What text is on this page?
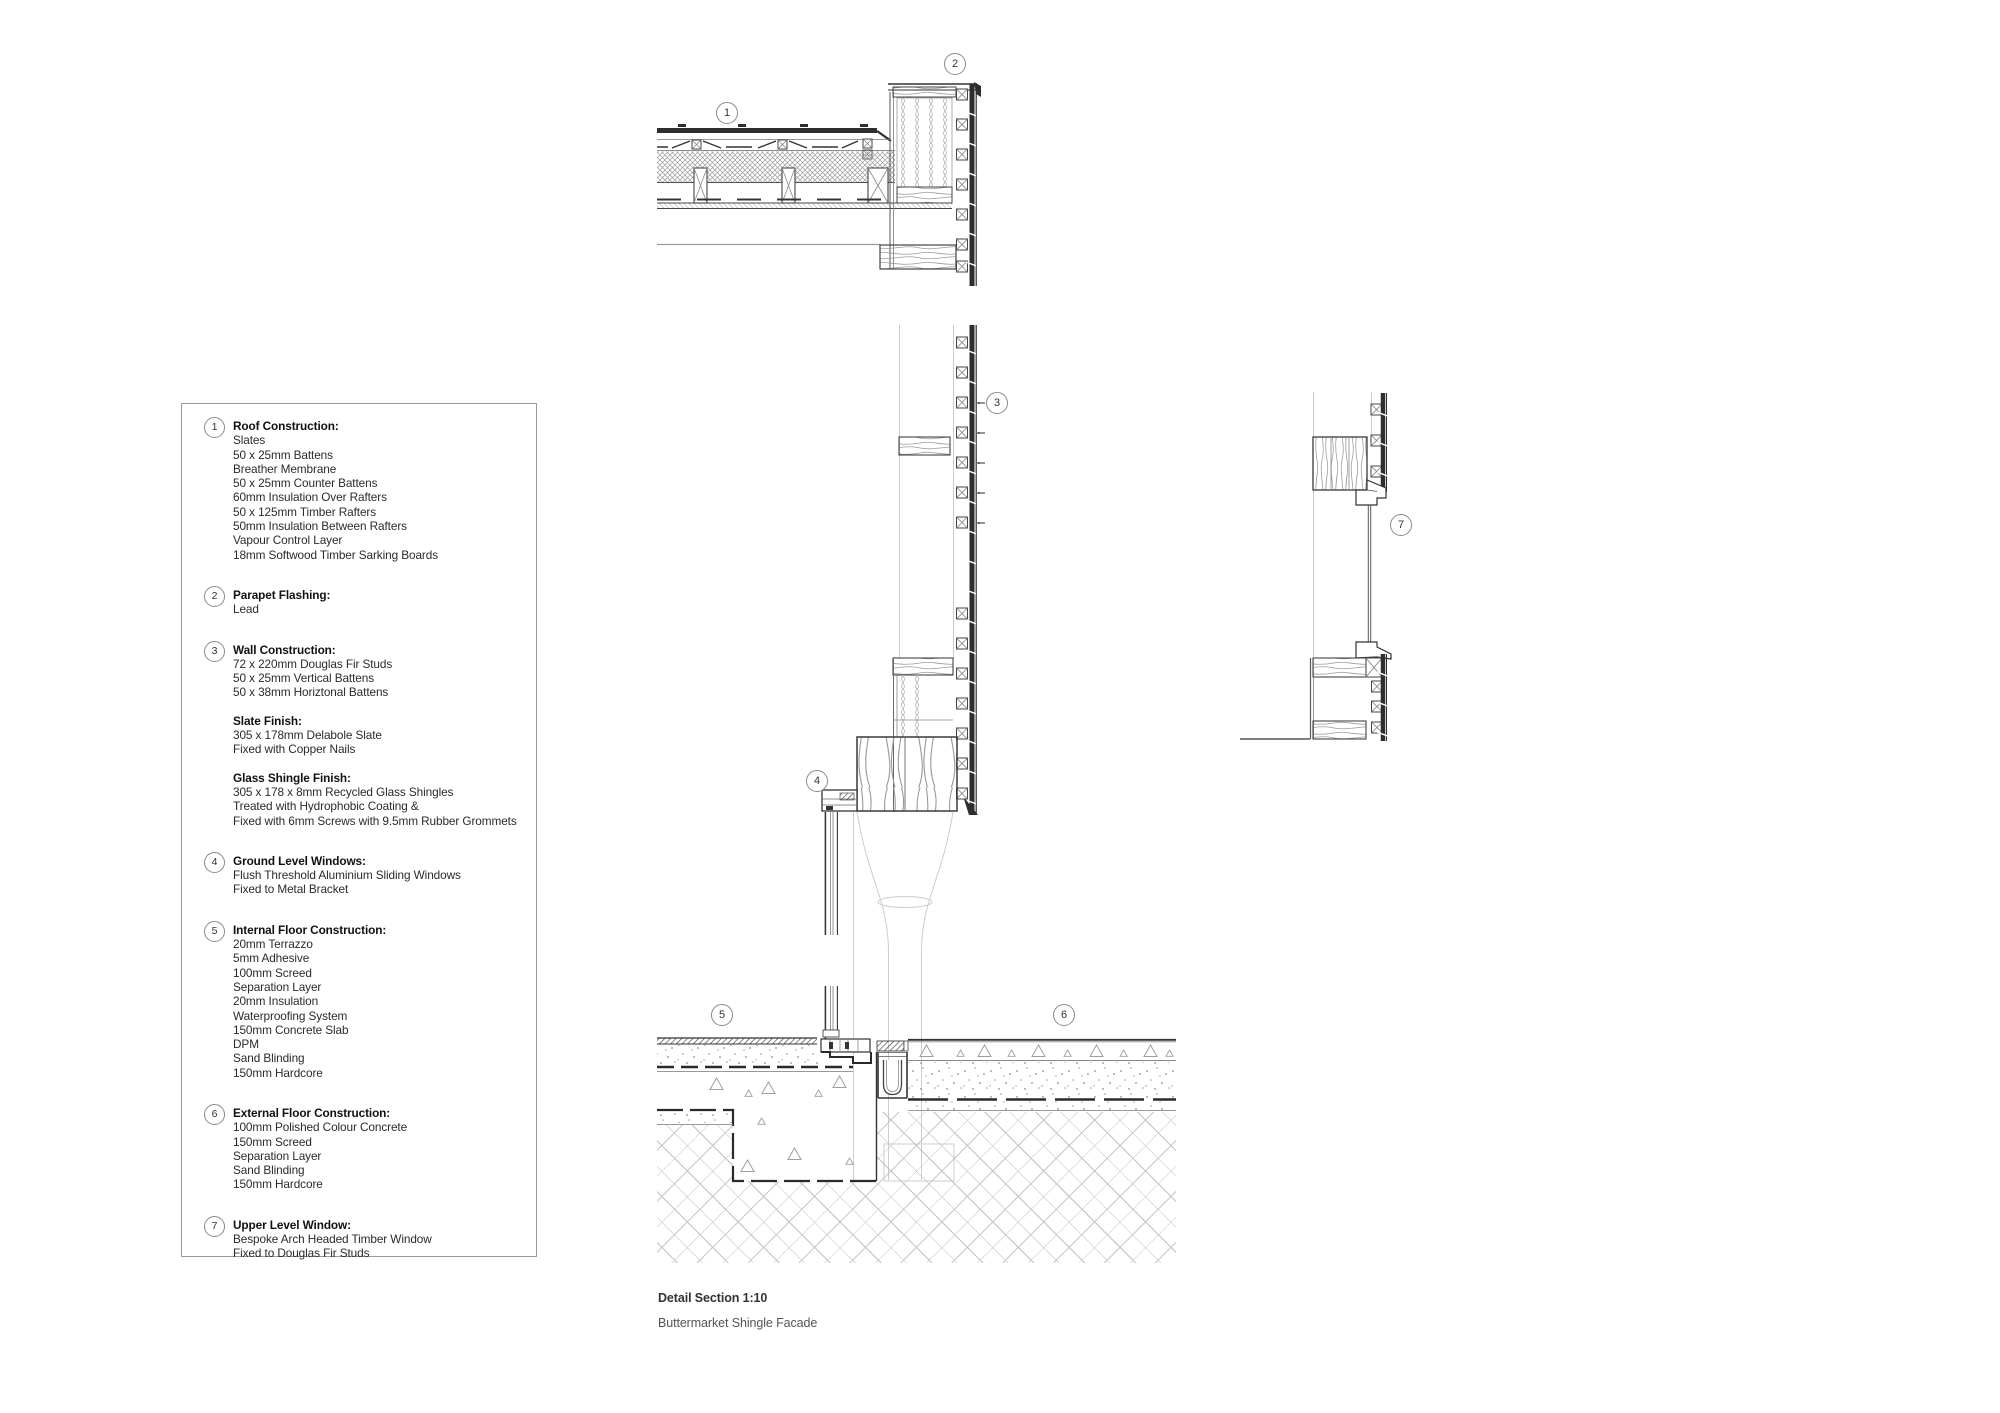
1
2
3
4
5	6
7
1	Roof Construction:
Slates
50 x 25mm Battens
Breather Membrane
50 x 25mm Counter Battens
60mm Insulation Over Rafters
50 x 125mm Timber Rafters
50mm Insulation Between Rafters
Vapour Control Layer
18mm Softwood Timber Sarking Boards
2	Parapet Flashing:
Lead
3	Wall Construction:
72 x 220mm Douglas Fir Studs
50 x 25mm Vertical Battens
50 x 38mm Horiztonal Battens
Slate Finish:
305 x 178mm Delabole Slate
Fixed with Copper Nails
Glass Shingle Finish:
305 x 178 x 8mm Recycled Glass Shingles
Treated with Hydrophobic Coating &
Fixed with 6mm Screws with 9.5mm Rubber Grommets
4	Ground Level Windows:
Flush Threshold Aluminium Sliding Windows
Fixed to Metal Bracket
5	Internal Floor Construction:
20mm Terrazzo
5mm Adhesive
100mm Screed
Separation Layer
20mm Insulation
Waterproofing System
150mm Concrete Slab
DPM
Sand Blinding
150mm Hardcore
6	External Floor Construction:
100mm Polished Colour Concrete
150mm Screed
Separation Layer
Sand Blinding
150mm Hardcore
7	Upper Level Window:
Bespoke Arch Headed Timber Window
Fixed to Douglas Fir Studs
Detail Section 1:10
Buttermarket Shingle Facade
